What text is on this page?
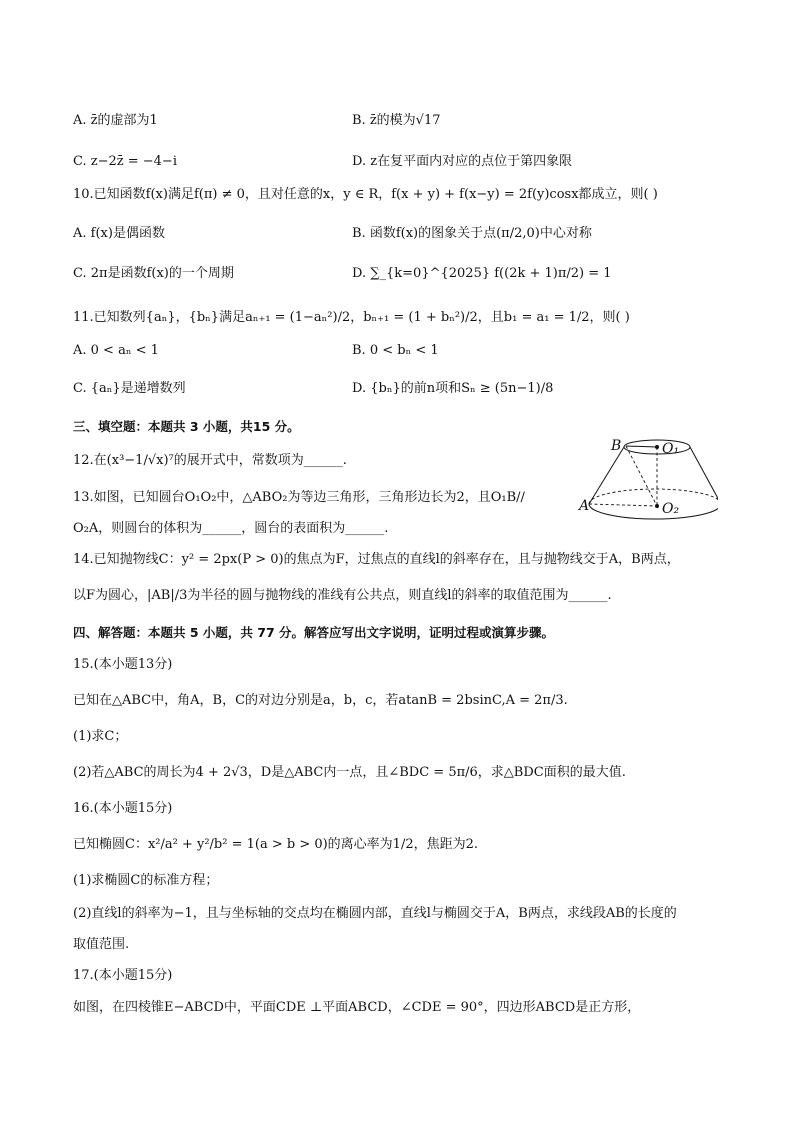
A. z̄的虚部为1	B. z̄的模为√17
C. z−2z̄ = −4−i	D. z在复平面内对应的点位于第四象限
10.已知函数f(x)满足f(π) ≠ 0，且对任意的x，y ∈ R，f(x + y) + f(x−y) = 2f(y)cosx都成立，则( )
A. f(x)是偶函数	B. 函数f(x)的图象关于点(π/2,0)中心对称
C. 2π是函数f(x)的一个周期	D. ∑_{k=0}^{2025} f((2k + 1)π/2) = 1
11.已知数列{aₙ}，{bₙ}满足aₙ₊₁ = (1−aₙ²)/2，bₙ₊₁ = (1 + bₙ²)/2，且b₁ = a₁ = 1/2，则( )
A. 0 < aₙ < 1	B. 0 < bₙ < 1
C. {aₙ}是递增数列	D. {bₙ}的前n项和Sₙ ≥ (5n−1)/8
三、填空题：本题共 3 小题，共15 分。
12.在(x³−1/√x)⁷的展开式中，常数项为______.
13.如图，已知圆台O₁O₂中，△ABO₂为等边三角形，三角形边长为2，且O₁B//
O₂A，则圆台的体积为______，圆台的表面积为______.
14.已知抛物线C：y² = 2px(P > 0)的焦点为F，过焦点的直线l的斜率存在，且与抛物线交于A，B两点，
以F为圆心，|AB|/3为半径的圆与抛物线的准线有公共点，则直线l的斜率的取值范围为______.
四、解答题：本题共 5 小题，共 77 分。解答应写出文字说明，证明过程或演算步骤。
15.(本小题13分)
已知在△ABC中，角A，B，C的对边分别是a，b，c，若atanB = 2bsinC,A = 2π/3.
(1)求C；
(2)若△ABC的周长为4 + 2√3，D是△ABC内一点，且∠BDC = 5π/6，求△BDC面积的最大值.
16.(本小题15分)
已知椭圆C：x²/a² + y²/b² = 1(a > b > 0)的离心率为1/2，焦距为2.
(1)求椭圆C的标准方程；
(2)直线l的斜率为−1，且与坐标轴的交点均在椭圆内部，直线l与椭圆交于A，B两点，求线段AB的长度的
取值范围.
17.(本小题15分)
如图，在四棱锥E−ABCD中，平面CDE ⊥平面ABCD，∠CDE = 90°，四边形ABCD是正方形，
B	O₁
A	O₂
